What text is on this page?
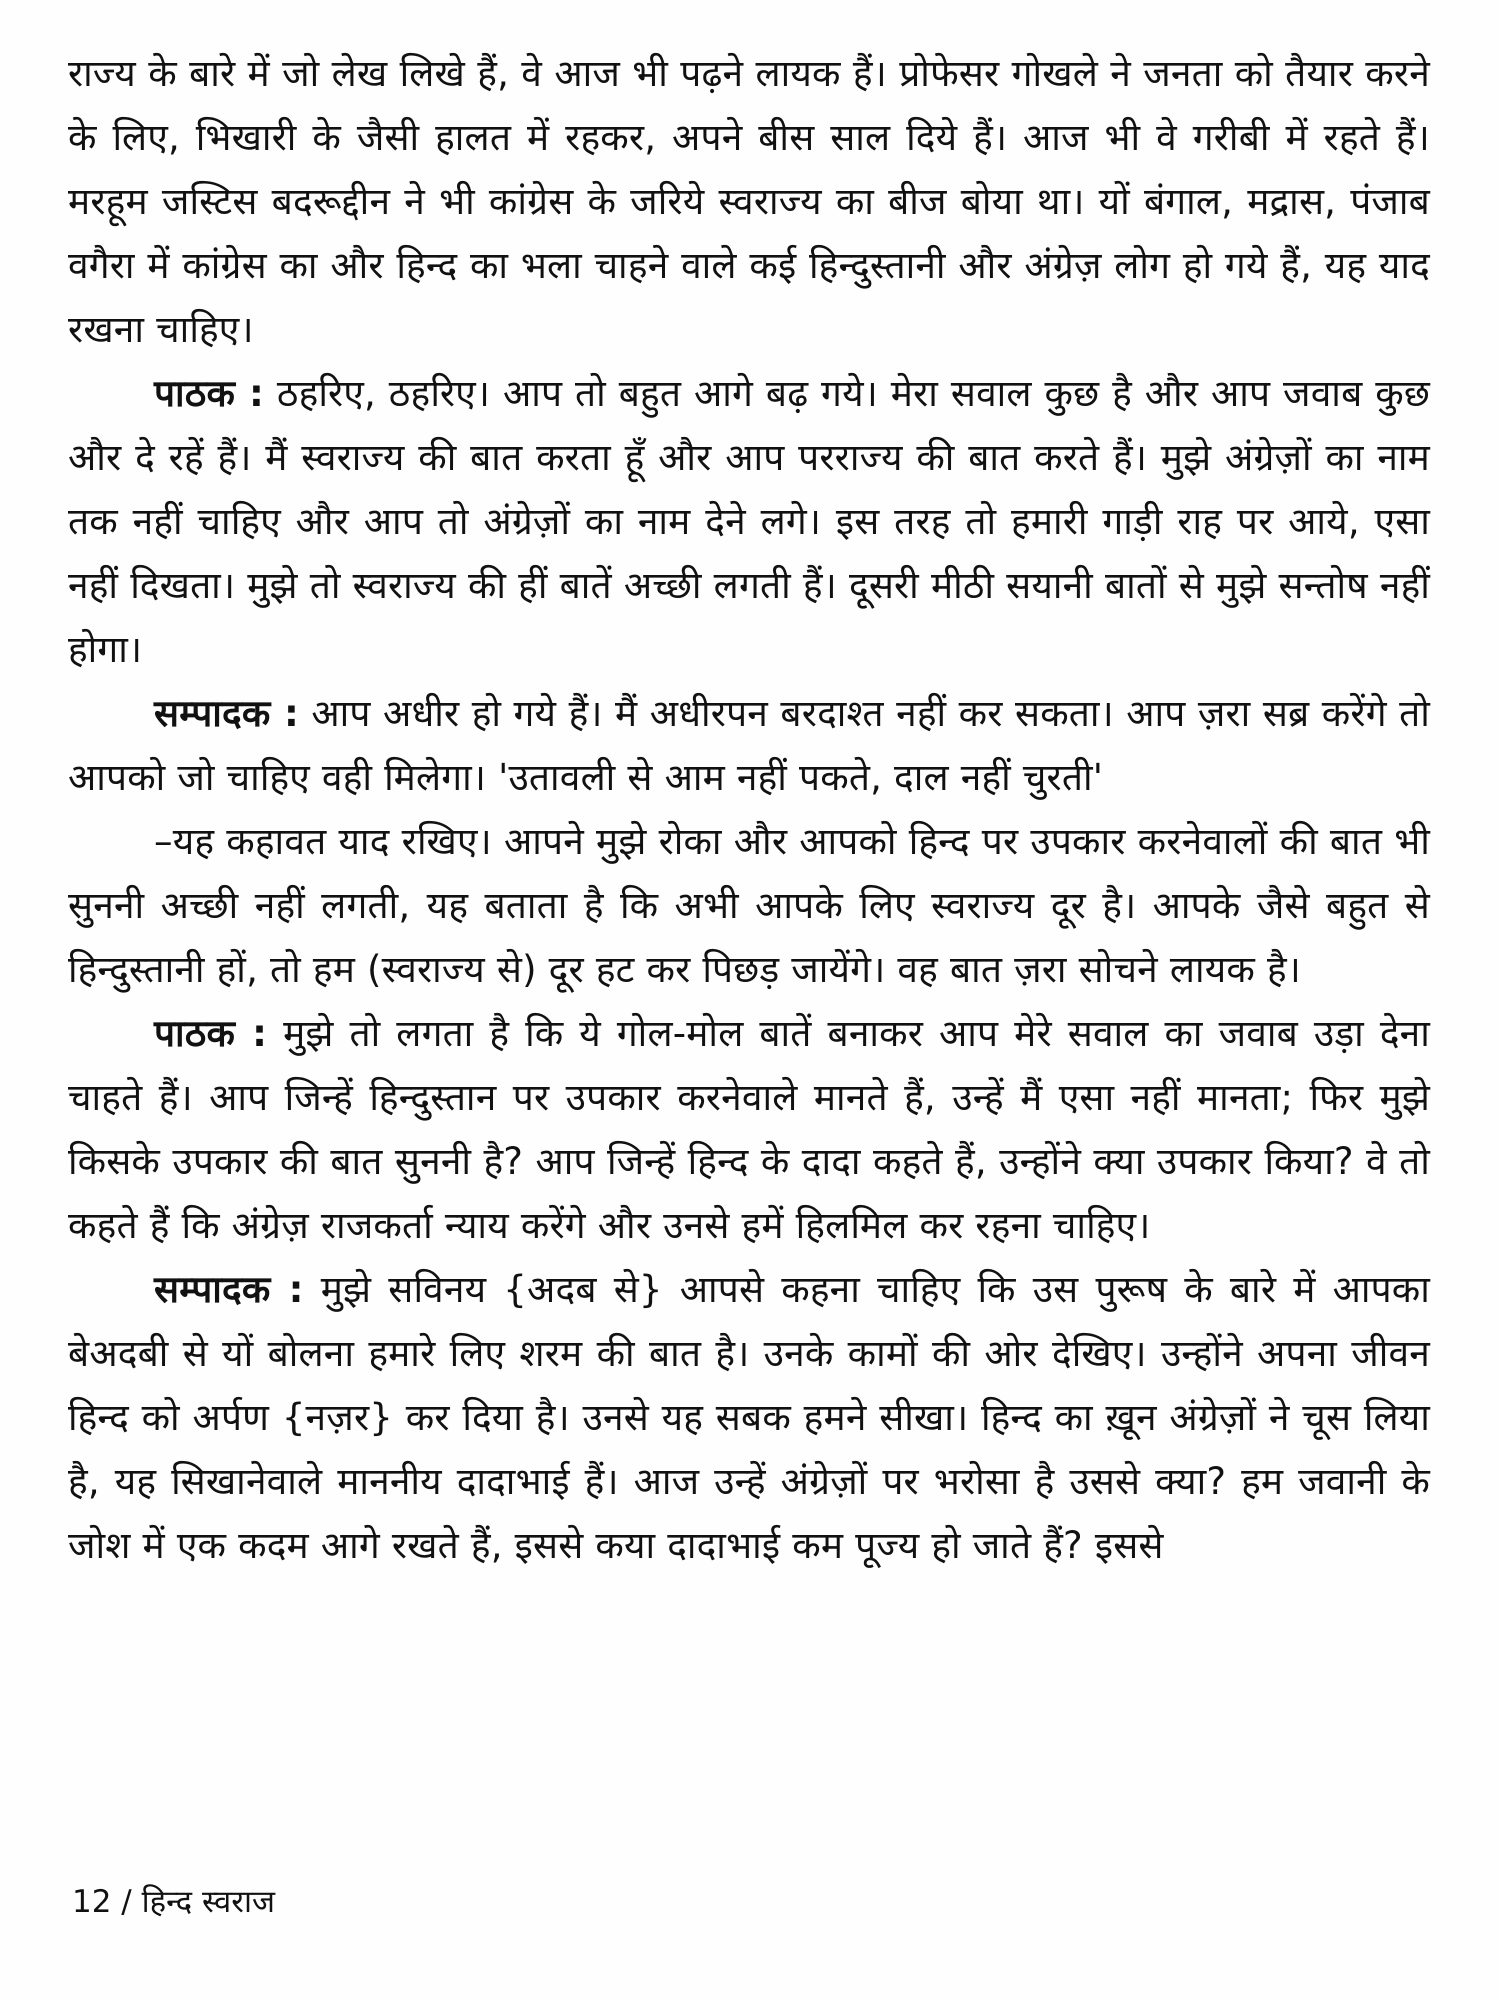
राज्य के बारे में जो लेख लिखे हैं, वे आज भी पढ़ने लायक हैं। प्रोफेसर गोखले ने जनता को तैयार करने के लिए, भिखारी के जैसी हालत में रहकर, अपने बीस साल दिये हैं। आज भी वे गरीबी में रहते हैं। मरहूम जस्टिस बदरूद्दीन ने भी कांग्रेस के जरिये स्वराज्य का बीज बोया था। यों बंगाल, मद्रास, पंजाब वगैरा में कांग्रेस का और हिन्द का भला चाहने वाले कई हिन्दुस्तानी और अंग्रेज़ लोग हो गये हैं, यह याद रखना चाहिए।

पाठक : ठहरिए, ठहरिए। आप तो बहुत आगे बढ़ गये। मेरा सवाल कुछ है और आप जवाब कुछ और दे रहें हैं। मैं स्वराज्य की बात करता हूँ और आप परराज्य की बात करते हैं। मुझे अंग्रेज़ों का नाम तक नहीं चाहिए और आप तो अंग्रेज़ों का नाम देने लगे। इस तरह तो हमारी गाड़ी राह पर आये, एसा नहीं दिखता। मुझे तो स्वराज्य की हीं बातें अच्छी लगती हैं। दूसरी मीठी सयानी बातों से मुझे सन्तोष नहीं होगा।

सम्पादक : आप अधीर हो गये हैं। मैं अधीरपन बरदाश्त नहीं कर सकता। आप ज़रा सब्र करेंगे तो आपको जो चाहिए वही मिलेगा। 'उतावली से आम नहीं पकते, दाल नहीं चुरती'

–यह कहावत याद रखिए। आपने मुझे रोका और आपको हिन्द पर उपकार करनेवालों की बात भी सुननी अच्छी नहीं लगती, यह बताता है कि अभी आपके लिए स्वराज्य दूर है। आपके जैसे बहुत से हिन्दुस्तानी हों, तो हम (स्वराज्य से) दूर हट कर पिछड़ जायेंगे। वह बात ज़रा सोचने लायक है।

पाठक : मुझे तो लगता है कि ये गोल-मोल बातें बनाकर आप मेरे सवाल का जवाब उड़ा देना चाहते हैं। आप जिन्हें हिन्दुस्तान पर उपकार करनेवाले मानते हैं, उन्हें मैं एसा नहीं मानता; फिर मुझे किसके उपकार की बात सुननी है? आप जिन्हें हिन्द के दादा कहते हैं, उन्होंने क्या उपकार किया? वे तो कहते हैं कि अंग्रेज़ राजकर्ता न्याय करेंगे और उनसे हमें हिलमिल कर रहना चाहिए।

सम्पादक : मुझे सविनय {अदब से} आपसे कहना चाहिए कि उस पुरूष के बारे में आपका बेअदबी से यों बोलना हमारे लिए शरम की बात है। उनके कामों की ओर देखिए। उन्होंने अपना जीवन हिन्द को अर्पण {नज़र} कर दिया है। उनसे यह सबक हमने सीखा। हिन्द का ख़ून अंग्रेज़ों ने चूस लिया है, यह सिखानेवाले माननीय दादाभाई हैं। आज उन्हें अंग्रेज़ों पर भरोसा है उससे क्या? हम जवानी के जोश में एक कदम आगे रखते हैं, इससे कया दादाभाई कम पूज्य हो जाते हैं? इससे

12 / हिन्द स्वराज
